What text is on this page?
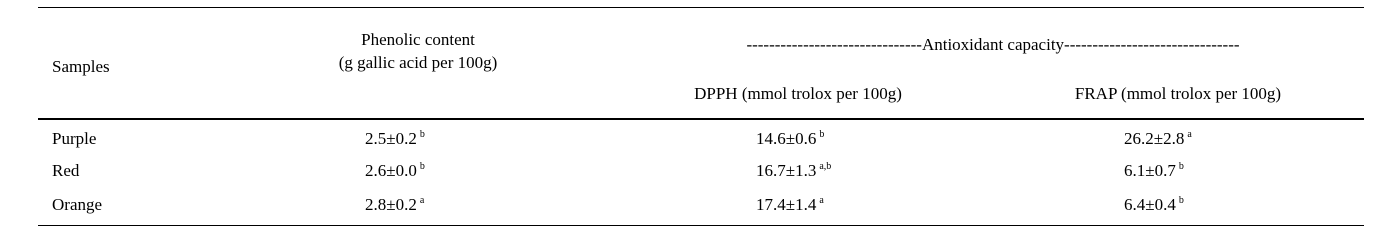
Samples
Phenolic content
(g gallic acid per 100g)
-------------------------------Antioxidant capacity-------------------------------
DPPH (mmol trolox per 100g)	FRAP (mmol trolox per 100g)
Purple	2.5±0.2 $^b$	14.6±0.6 $^b$	26.2±2.8 $^a$
Red	2.6±0.0 $^b$	16.7±1.3 $^{a,b}$	6.1±0.7 $^b$
Orange	2.8±0.2 $^a$	17.4±1.4 $^a$	6.4±0.4 $^b$
